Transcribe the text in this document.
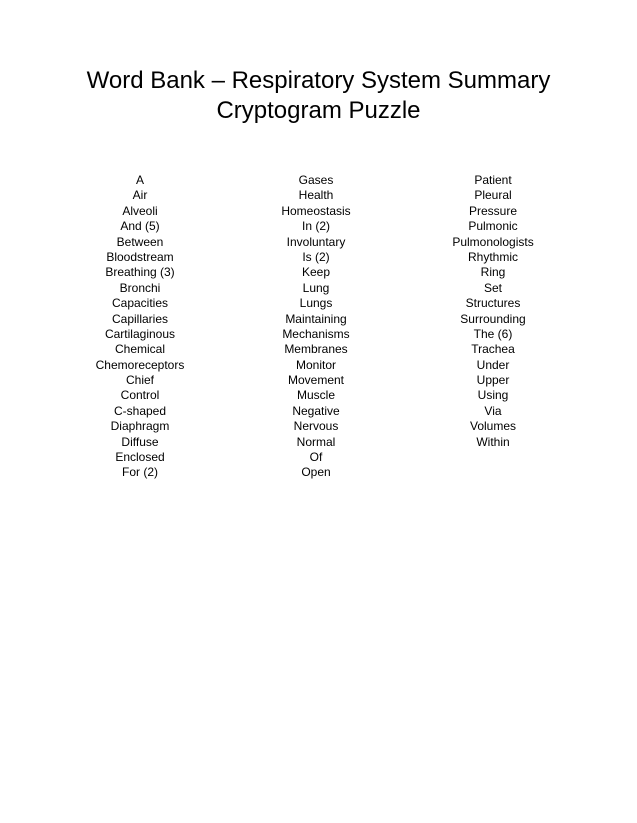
Word Bank – Respiratory System Summary
Cryptogram Puzzle
A
Air
Alveoli
And (5)
Between
Bloodstream
Breathing (3)
Bronchi
Capacities
Capillaries
Cartilaginous
Chemical
Chemoreceptors
Chief
Control
C-shaped
Diaphragm
Diffuse
Enclosed
For (2)
Gases
Health
Homeostasis
In (2)
Involuntary
Is (2)
Keep
Lung
Lungs
Maintaining
Mechanisms
Membranes
Monitor
Movement
Muscle
Negative
Nervous
Normal
Of
Open
Patient
Pleural
Pressure
Pulmonic
Pulmonologists
Rhythmic
Ring
Set
Structures
Surrounding
The (6)
Trachea
Under
Upper
Using
Via
Volumes
Within
